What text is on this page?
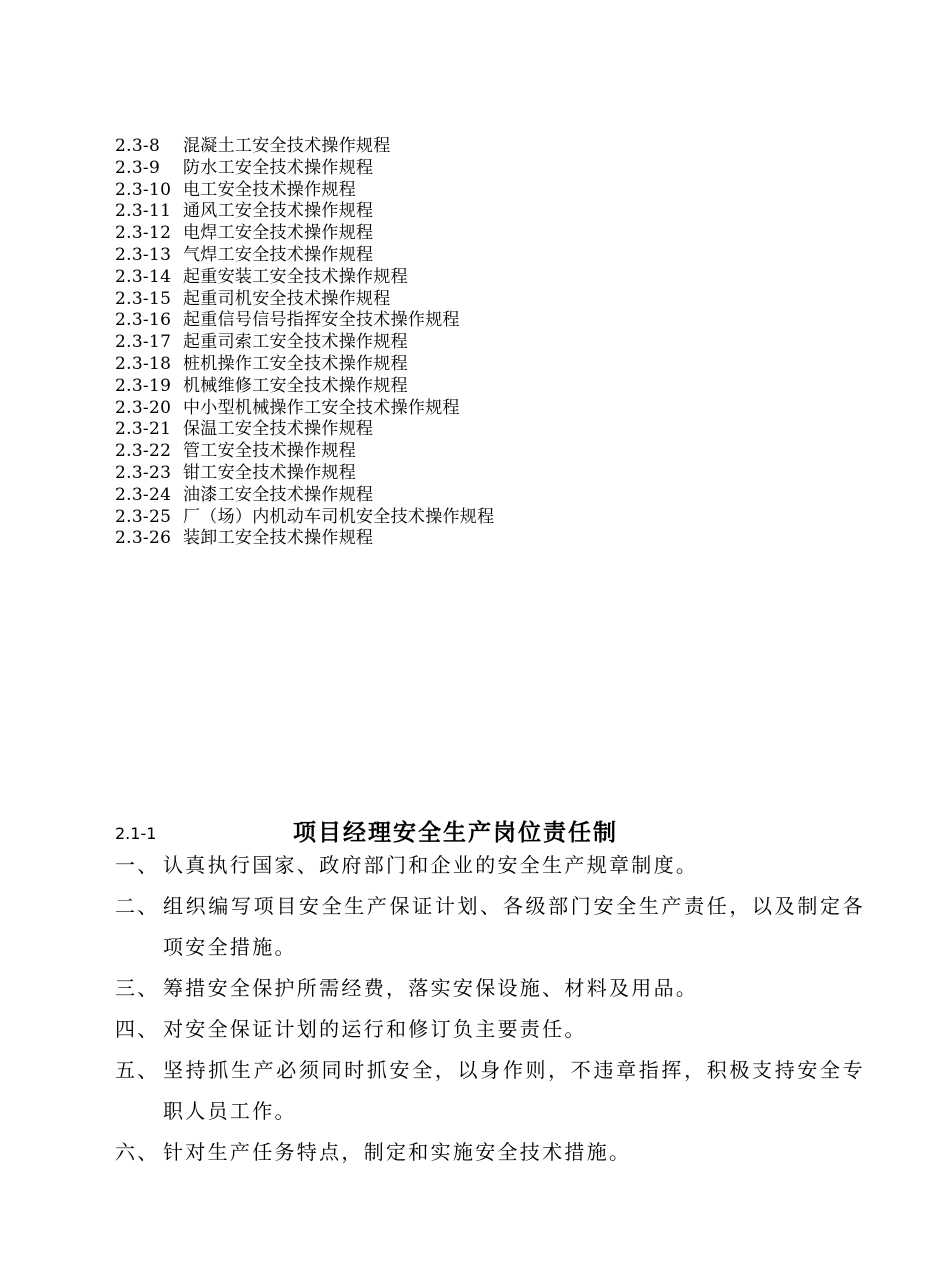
2.3-8	混凝土工安全技术操作规程
2.3-9	防水工安全技术操作规程
2.3-10 电工安全技术操作规程
2.3-11 通风工安全技术操作规程
2.3-12 电焊工安全技术操作规程
2.3-13 气焊工安全技术操作规程
2.3-14 起重安装工安全技术操作规程
2.3-15 起重司机安全技术操作规程
2.3-16 起重信号信号指挥安全技术操作规程
2.3-17 起重司索工安全技术操作规程
2.3-18 桩机操作工安全技术操作规程
2.3-19 机械维修工安全技术操作规程
2.3-20 中小型机械操作工安全技术操作规程
2.3-21 保温工安全技术操作规程
2.3-22 管工安全技术操作规程
2.3-23 钳工安全技术操作规程
2.3-24 油漆工安全技术操作规程
2.3-25 厂（场）内机动车司机安全技术操作规程
2.3-26 装卸工安全技术操作规程
2.1-1	项目经理安全生产岗位责任制
一、 认真执行国家、政府部门和企业的安全生产规章制度。
二、 组织编写项目安全生产保证计划、各级部门安全生产责任，以及制定各项安全措施。
三、 筹措安全保护所需经费，落实安保设施、材料及用品。
四、 对安全保证计划的运行和修订负主要责任。
五、 坚持抓生产必须同时抓安全，以身作则，不违章指挥，积极支持安全专职人员工作。
六、 针对生产任务特点，制定和实施安全技术措施。
